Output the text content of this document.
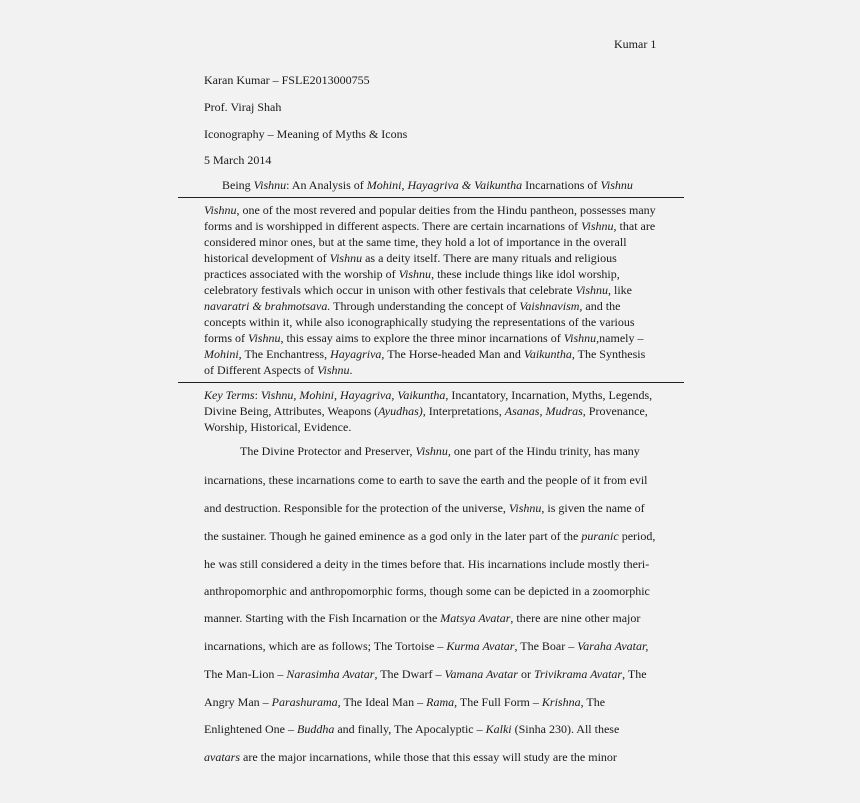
Kumar 1
Karan Kumar – FSLE2013000755
Prof. Viraj Shah
Iconography – Meaning of Myths & Icons
5 March 2014
Being Vishnu: An Analysis of Mohini, Hayagriva & Vaikuntha Incarnations of Vishnu
Vishnu, one of the most revered and popular deities from the Hindu pantheon, possesses many
forms and is worshipped in different aspects. There are certain incarnations of Vishnu, that are
considered minor ones, but at the same time, they hold a lot of importance in the overall
historical development of Vishnu as a deity itself. There are many rituals and religious
practices associated with the worship of Vishnu, these include things like idol worship,
celebratory festivals which occur in unison with other festivals that celebrate Vishnu, like
navaratri & brahmotsava. Through understanding the concept of Vaishnavism, and the
concepts within it, while also iconographically studying the representations of the various
forms of Vishnu, this essay aims to explore the three minor incarnations of Vishnu,namely –
Mohini, The Enchantress, Hayagriva, The Horse-headed Man and Vaikuntha, The Synthesis
of Different Aspects of Vishnu.
Key Terms: Vishnu, Mohini, Hayagriva, Vaikuntha, Incantatory, Incarnation, Myths, Legends,
Divine Being, Attributes, Weapons (Ayudhas), Interpretations, Asanas, Mudras, Provenance,
Worship, Historical, Evidence.
The Divine Protector and Preserver, Vishnu, one part of the Hindu trinity, has many
incarnations, these incarnations come to earth to save the earth and the people of it from evil
and destruction. Responsible for the protection of the universe, Vishnu, is given the name of
the sustainer. Though he gained eminence as a god only in the later part of the puranic period,
he was still considered a deity in the times before that. His incarnations include mostly theri-
anthropomorphic and anthropomorphic forms, though some can be depicted in a zoomorphic
manner. Starting with the Fish Incarnation or the Matsya Avatar, there are nine other major
incarnations, which are as follows; The Tortoise – Kurma Avatar, The Boar – Varaha Avatar,
The Man-Lion – Narasimha Avatar, The Dwarf – Vamana Avatar or Trivikrama Avatar, The
Angry Man – Parashurama, The Ideal Man – Rama, The Full Form – Krishna, The
Enlightened One – Buddha and finally, The Apocalyptic – Kalki (Sinha 230). All these
avatars are the major incarnations, while those that this essay will study are the minor
